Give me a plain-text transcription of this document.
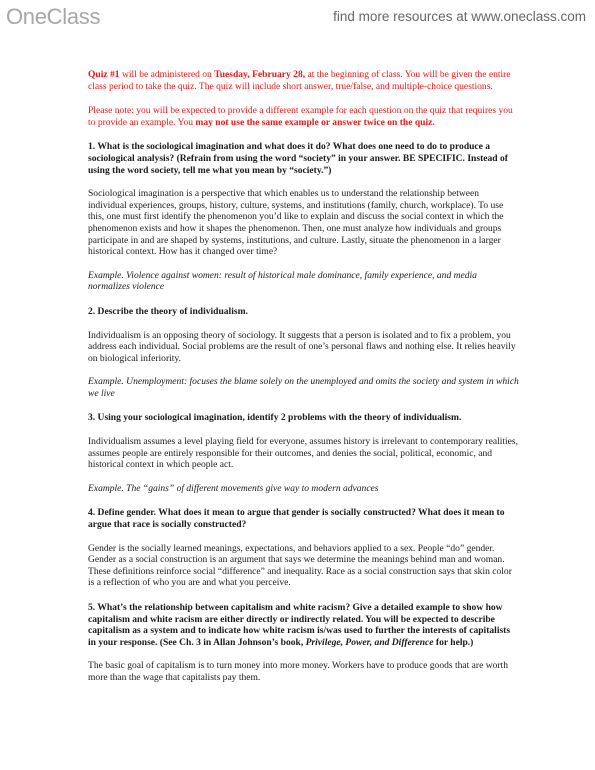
OneClass	find more resources at www.oneclass.com

Quiz #1 will be administered on Tuesday, February 28, at the beginning of class. You will be given the entire class period to take the quiz. The quiz will include short answer, true/false, and multiple-choice questions.

Please note: you will be expected to provide a different example for each question on the quiz that requires you to provide an example. You may not use the same example or answer twice on the quiz.

1. What is the sociological imagination and what does it do? What does one need to do to produce a sociological analysis? (Refrain from using the word “society” in your answer. BE SPECIFIC. Instead of using the word society, tell me what you mean by “society.”)

Sociological imagination is a perspective that which enables us to understand the relationship between individual experiences, groups, history, culture, systems, and institutions (family, church, workplace). To use this, one must first identify the phenomenon you’d like to explain and discuss the social context in which the phenomenon exists and how it shapes the phenomenon. Then, one must analyze how individuals and groups participate in and are shaped by systems, institutions, and culture. Lastly, situate the phenomenon in a larger historical context. How has it changed over time?

Example. Violence against women: result of historical male dominance, family experience, and media normalizes violence

2. Describe the theory of individualism.

Individualism is an opposing theory of sociology. It suggests that a person is isolated and to fix a problem, you address each individual. Social problems are the result of one’s personal flaws and nothing else. It relies heavily on biological inferiority.

Example. Unemployment: focuses the blame solely on the unemployed and omits the society and system in which we live

3. Using your sociological imagination, identify 2 problems with the theory of individualism.

Individualism assumes a level playing field for everyone, assumes history is irrelevant to contemporary realities, assumes people are entirely responsible for their outcomes, and denies the social, political, economic, and historical context in which people act.

Example. The “gains” of different movements give way to modern advances

4. Define gender. What does it mean to argue that gender is socially constructed? What does it mean to argue that race is socially constructed?

Gender is the socially learned meanings, expectations, and behaviors applied to a sex. People “do” gender. Gender as a social construction is an argument that says we determine the meanings behind man and woman. These definitions reinforce social “difference” and inequality. Race as a social construction says that skin color is a reflection of who you are and what you perceive.

5. What’s the relationship between capitalism and white racism? Give a detailed example to show how capitalism and white racism are either directly or indirectly related. You will be expected to describe capitalism as a system and to indicate how white racism is/was used to further the interests of capitalists in your response. (See Ch. 3 in Allan Johnson’s book, Privilege, Power, and Difference for help.)

The basic goal of capitalism is to turn money into more money. Workers have to produce goods that are worth more than the wage that capitalists pay them.
